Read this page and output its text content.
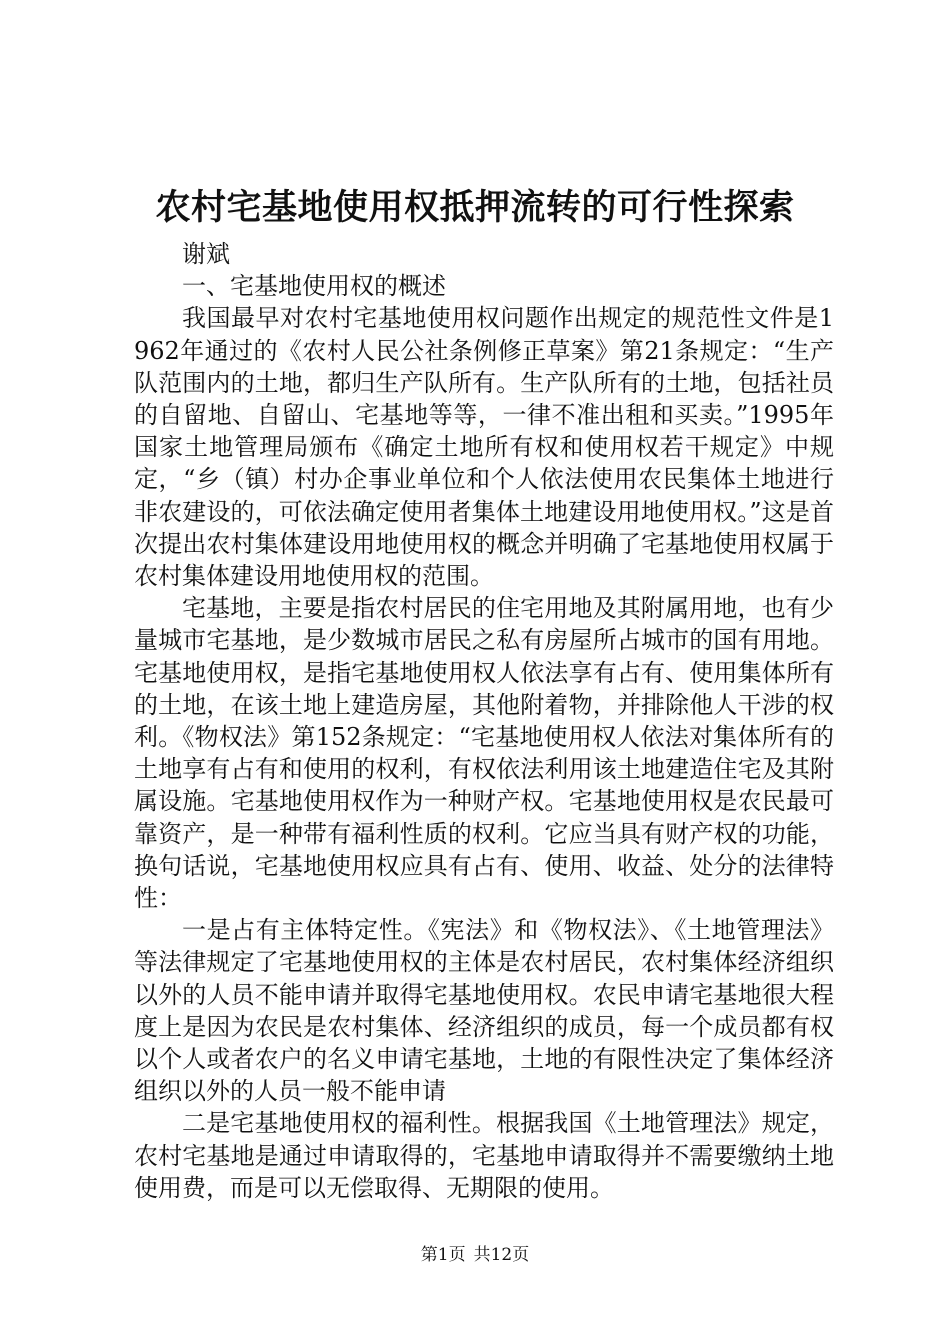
农村宅基地使用权抵押流转的可行性探索

谢斌

一、宅基地使用权的概述

我国最早对农村宅基地使用权问题作出规定的规范性文件是1962年通过的《农村人民公社条例修正草案》第21条规定：“生产队范围内的土地，都归生产队所有。生产队所有的土地，包括社员的自留地、自留山、宅基地等等，一律不准出租和买卖。”1995年国家土地管理局颁布《确定土地所有权和使用权若干规定》中规定，“乡（镇）村办企事业单位和个人依法使用农民集体土地进行非农建设的，可依法确定使用者集体土地建设用地使用权。”这是首次提出农村集体建设用地使用权的概念并明确了宅基地使用权属于农村集体建设用地使用权的范围。

宅基地，主要是指农村居民的住宅用地及其附属用地，也有少量城市宅基地，是少数城市居民之私有房屋所占城市的国有用地。宅基地使用权，是指宅基地使用权人依法享有占有、使用集体所有的土地，在该土地上建造房屋，其他附着物，并排除他人干涉的权利。《物权法》第152条规定：“宅基地使用权人依法对集体所有的土地享有占有和使用的权利，有权依法利用该土地建造住宅及其附属设施。宅基地使用权作为一种财产权。宅基地使用权是农民最可靠资产，是一种带有福利性质的权利。它应当具有财产权的功能，换句话说，宅基地使用权应具有占有、使用、收益、处分的法律特性：

一是占有主体特定性。《宪法》和《物权法》、《土地管理法》等法律规定了宅基地使用权的主体是农村居民，农村集体经济组织以外的人员不能申请并取得宅基地使用权。农民申请宅基地很大程度上是因为农民是农村集体、经济组织的成员，每一个成员都有权以个人或者农户的名义申请宅基地，土地的有限性决定了集体经济组织以外的人员一般不能申请

二是宅基地使用权的福利性。根据我国《土地管理法》规定，农村宅基地是通过申请取得的，宅基地申请取得并不需要缴纳土地使用费，而是可以无偿取得、无期限的使用。

第1页 共12页
